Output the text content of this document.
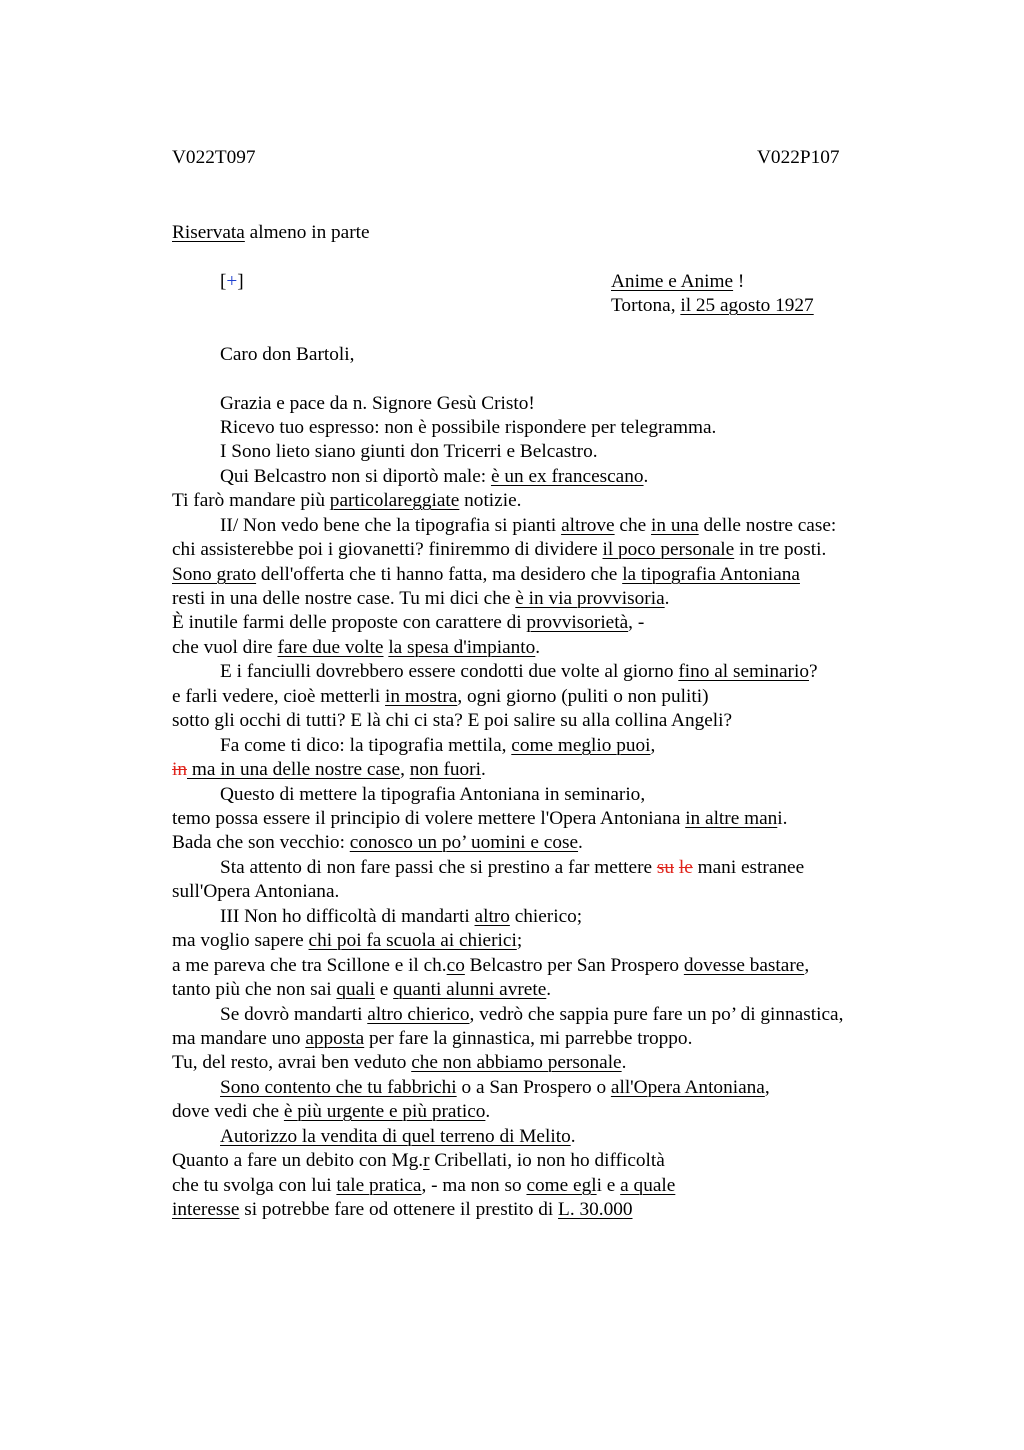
V022T097	V022P107
Riservata almeno in parte
[+]	Anime e Anime !
Tortona, il 25 agosto 1927
Caro don Bartoli,
Grazia e pace da n. Signore Gesù Cristo!
Ricevo tuo espresso: non è possibile rispondere per telegramma.
I Sono lieto siano giunti don Tricerri e Belcastro.
Qui Belcastro non si diportò male: è un ex francescano.
Ti farò mandare più particolareggiate notizie.
II/ Non vedo bene che la tipografia si pianti altrove che in una delle nostre case:
chi assisterebbe poi i giovanetti? finiremmo di dividere il poco personale in tre posti.
Sono grato dell'offerta che ti hanno fatta, ma desidero che la tipografia Antoniana
resti in una delle nostre case. Tu mi dici che è in via provvisoria.
È inutile farmi delle proposte con carattere di provvisorietà, -
che vuol dire fare due volte la spesa d'impianto.
E i fanciulli dovrebbero essere condotti due volte al giorno fino al seminario?
e farli vedere, cioè metterli in mostra, ogni giorno (puliti o non puliti)
sotto gli occhi di tutti? E là chi ci sta? E poi salire su alla collina Angeli?
Fa come ti dico: la tipografia mettila, come meglio puoi,
in ma in una delle nostre case, non fuori.
Questo di mettere la tipografia Antoniana in seminario,
temo possa essere il principio di volere mettere l'Opera Antoniana in altre mani.
Bada che son vecchio: conosco un po’ uomini e cose.
Sta attento di non fare passi che si prestino a far mettere su le mani estranee
sull'Opera Antoniana.
III Non ho difficoltà di mandarti altro chierico;
ma voglio sapere chi poi fa scuola ai chierici;
a me pareva che tra Scillone e il ch.co Belcastro per San Prospero dovesse bastare,
tanto più che non sai quali e quanti alunni avrete.
Se dovrò mandarti altro chierico, vedrò che sappia pure fare un po’ di ginnastica,
ma mandare uno apposta per fare la ginnastica, mi parrebbe troppo.
Tu, del resto, avrai ben veduto che non abbiamo personale.
Sono contento che tu fabbrichi o a San Prospero o all'Opera Antoniana,
dove vedi che è più urgente e più pratico.
Autorizzo la vendita di quel terreno di Melito.
Quanto a fare un debito con Mg.r Cribellati, io non ho difficoltà
che tu svolga con lui tale pratica, - ma non so come egli e a quale
interesse si potrebbe fare od ottenere il prestito di L. 30.000
